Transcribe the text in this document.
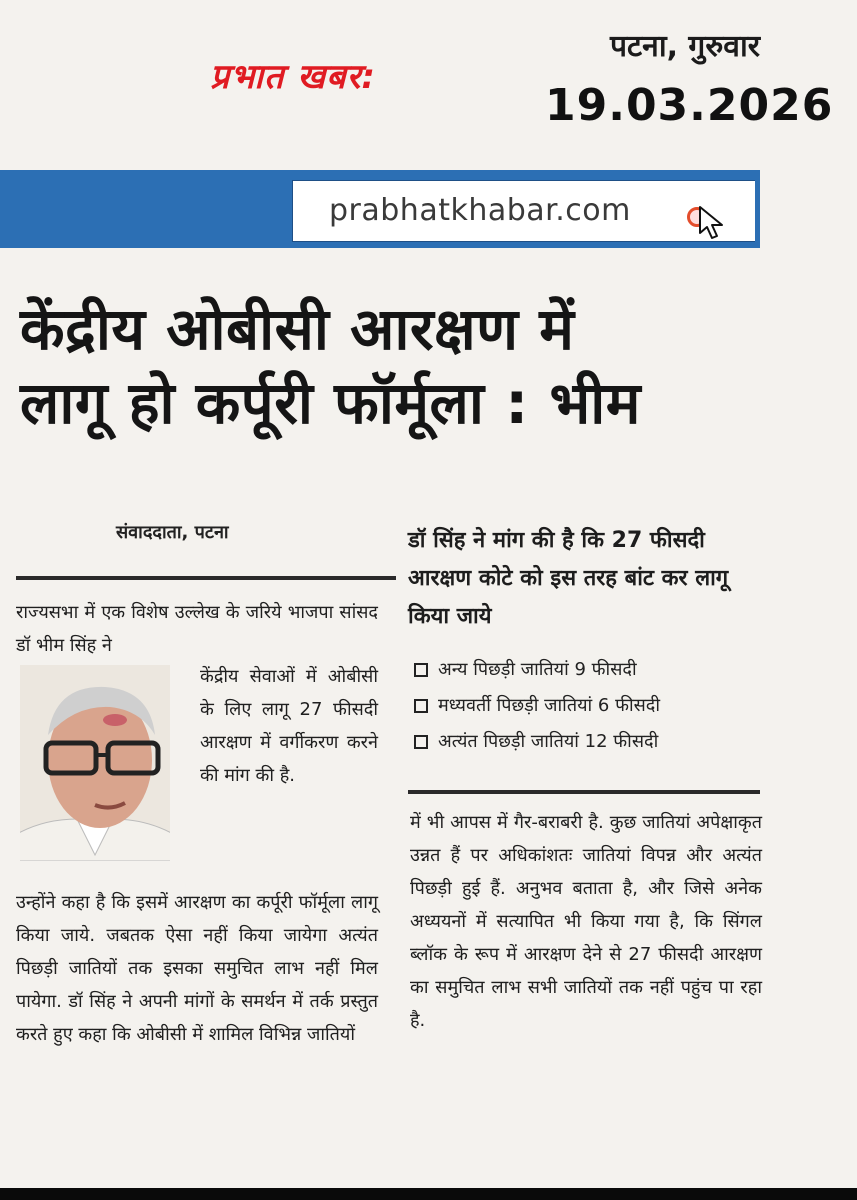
प्रभात खबर:
पटना, गुरुवार
19.03.2026
prabhatkhabar.com
केंद्रीय ओबीसी आरक्षण में
लागू हो कर्पूरी फॉर्मूला : भीम
संवाददाता, पटना
राज्यसभा में एक विशेष उल्लेख के जरिये भाजपा सांसद डॉ भीम सिंह ने
केंद्रीय सेवाओं में ओबीसी के लिए लागू 27 फीसदी आरक्षण में वर्गीकरण करने की मांग की है.
उन्होंने कहा है कि इसमें आरक्षण का कर्पूरी फॉर्मूला लागू किया जाये. जबतक ऐसा नहीं किया जायेगा अत्यंत पिछड़ी जातियों तक इसका समुचित लाभ नहीं मिल पायेगा. डॉ सिंह ने अपनी मांगों के समर्थन में तर्क प्रस्तुत करते हुए कहा कि ओबीसी में शामिल विभिन्न जातियों
डॉ सिंह ने मांग की है कि 27 फीसदी आरक्षण कोटे को इस तरह बांट कर लागू किया जाये
अन्य पिछड़ी जातियां 9 फीसदी
मध्यवर्ती पिछड़ी जातियां 6 फीसदी
अत्यंत पिछड़ी जातियां 12 फीसदी
में भी आपस में गैर-बराबरी है. कुछ जातियां अपेक्षाकृत उन्नत हैं पर अधिकांशतः जातियां विपन्न और अत्यंत पिछड़ी हुई हैं. अनुभव बताता है, और जिसे अनेक अध्ययनों में सत्यापित भी किया गया है, कि सिंगल ब्लॉक के रूप में आरक्षण देने से 27 फीसदी आरक्षण का समुचित लाभ सभी जातियों तक नहीं पहुंच पा रहा है.
